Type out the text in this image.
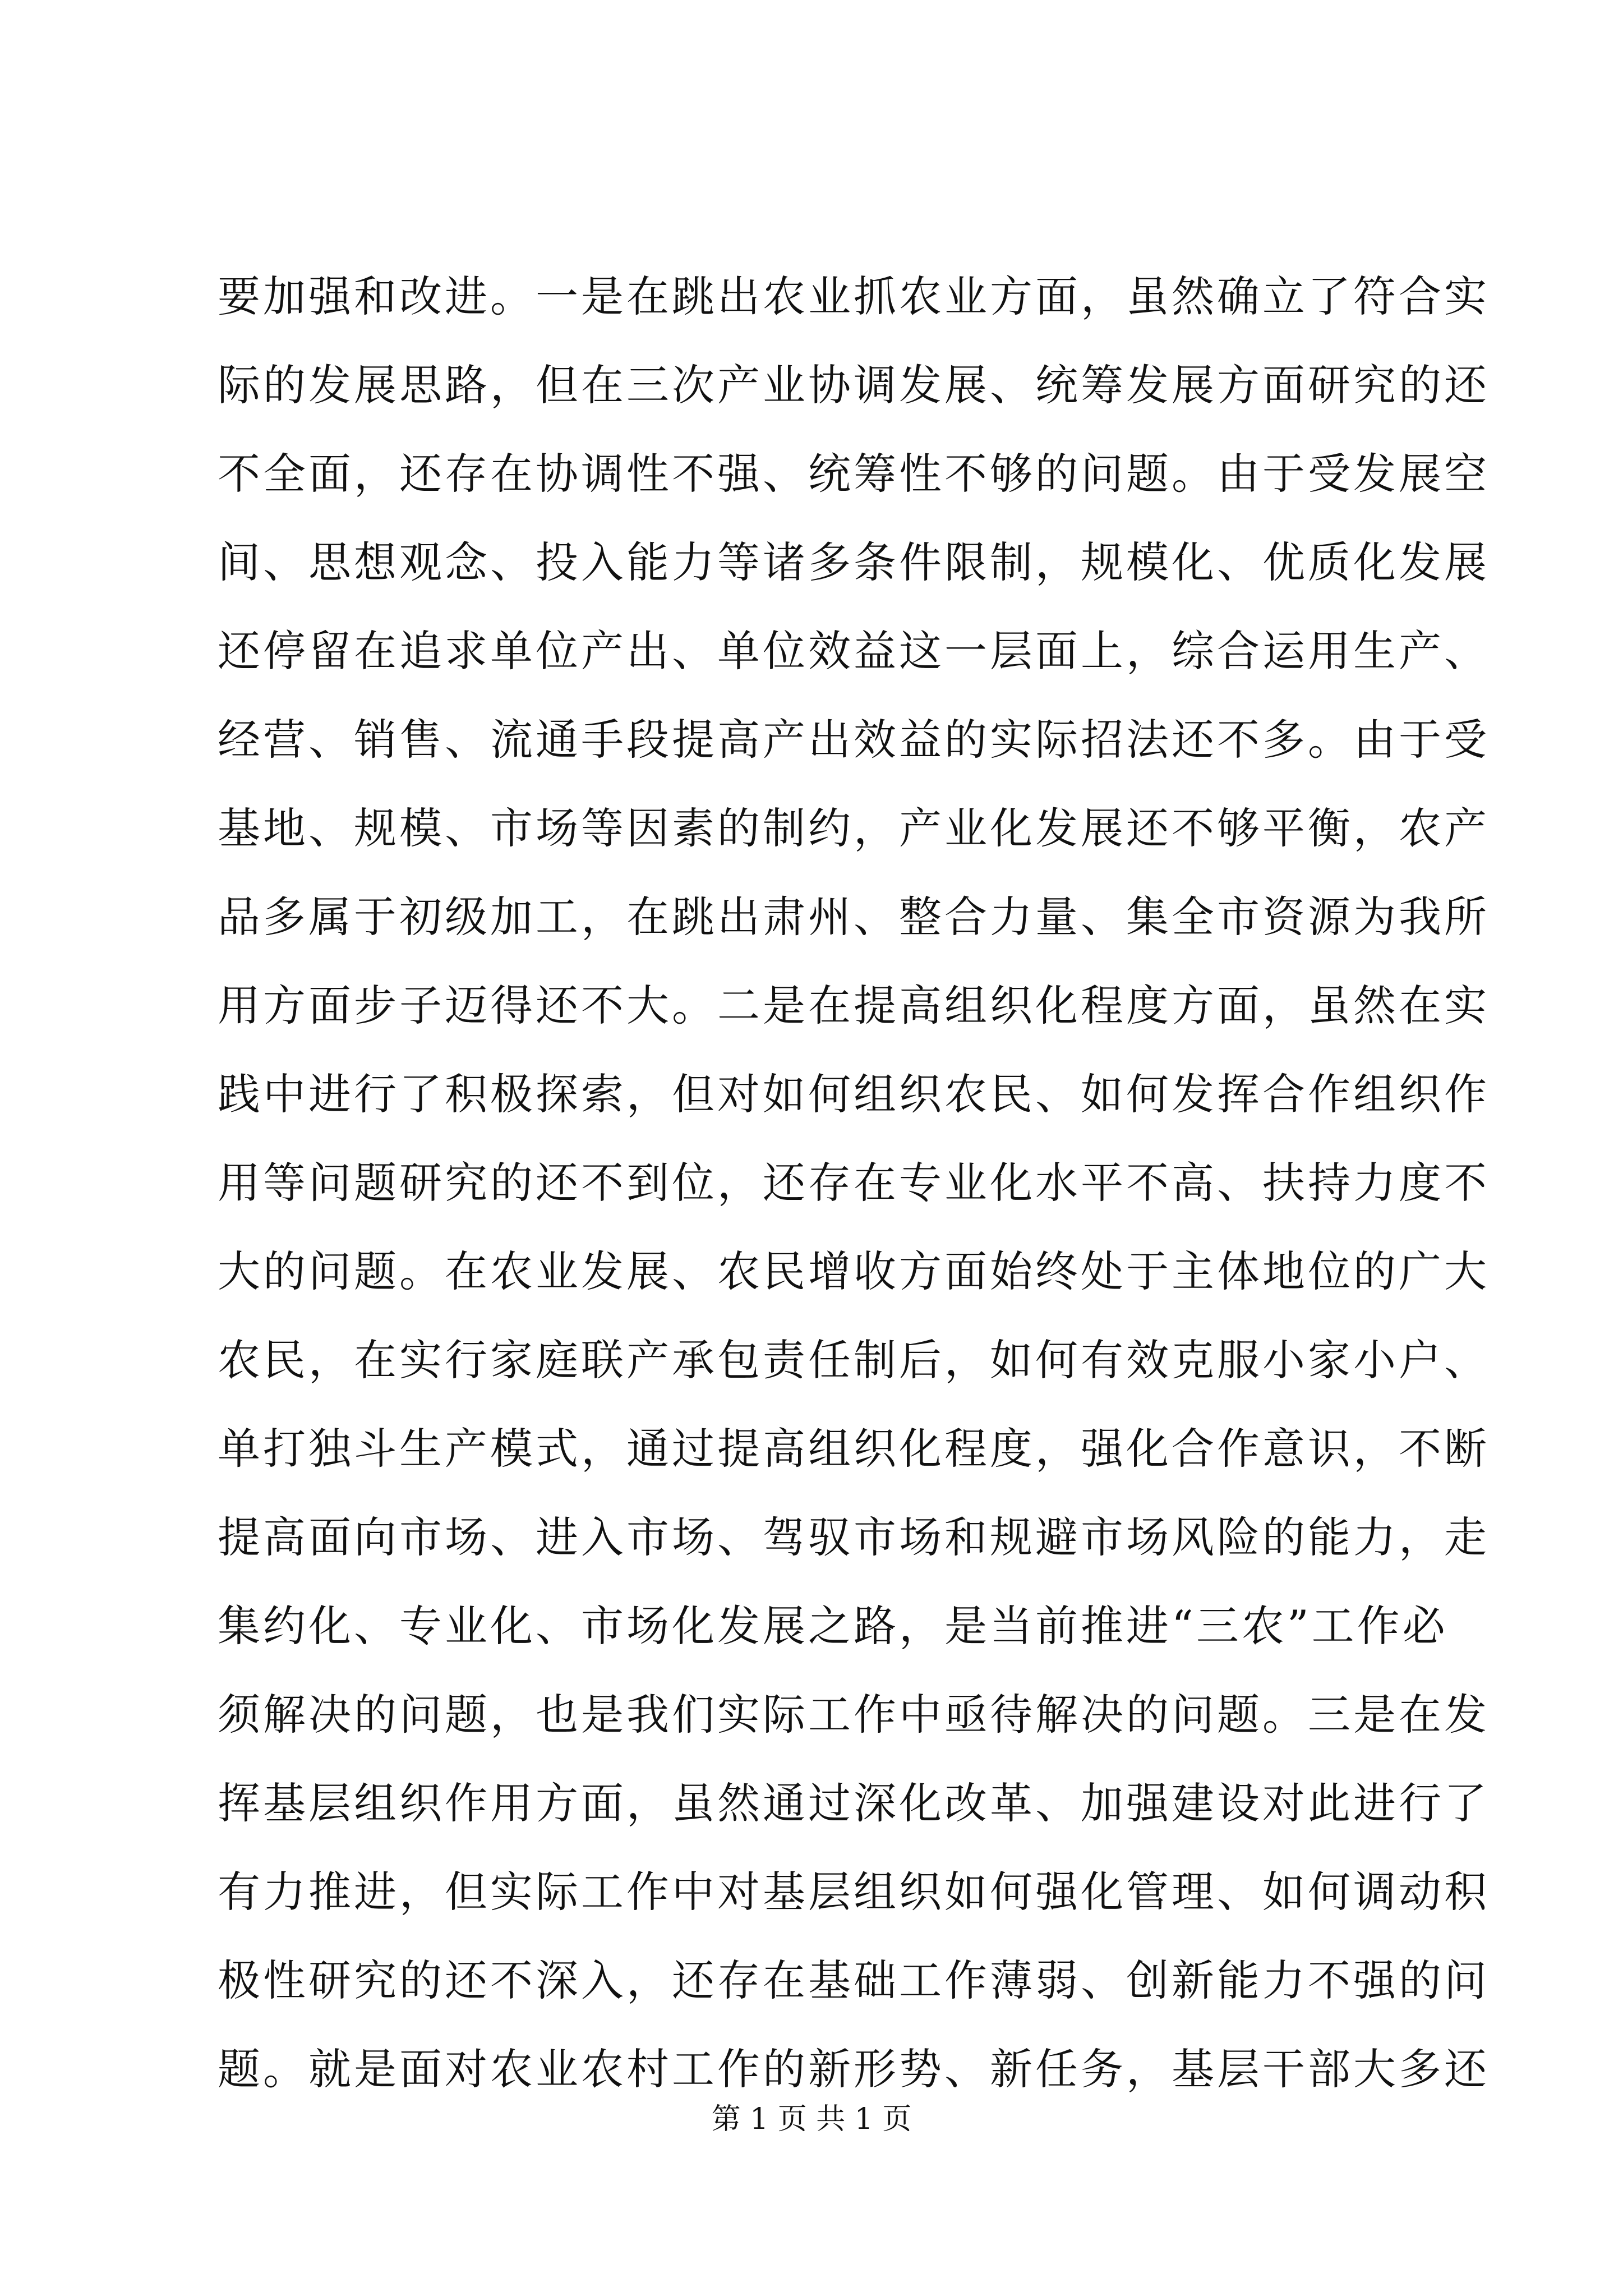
要加强和改进。一是在跳出农业抓农业方面，虽然确立了符合实
际的发展思路，但在三次产业协调发展、统筹发展方面研究的还
不全面，还存在协调性不强、统筹性不够的问题。由于受发展空
间、思想观念、投入能力等诸多条件限制，规模化、优质化发展
还停留在追求单位产出、单位效益这一层面上，综合运用生产、
经营、销售、流通手段提高产出效益的实际招法还不多。由于受
基地、规模、市场等因素的制约，产业化发展还不够平衡，农产
品多属于初级加工，在跳出肃州、整合力量、集全市资源为我所
用方面步子迈得还不大。二是在提高组织化程度方面，虽然在实
践中进行了积极探索，但对如何组织农民、如何发挥合作组织作
用等问题研究的还不到位，还存在专业化水平不高、扶持力度不
大的问题。在农业发展、农民增收方面始终处于主体地位的广大
农民，在实行家庭联产承包责任制后，如何有效克服小家小户、
单打独斗生产模式，通过提高组织化程度，强化合作意识，不断
提高面向市场、进入市场、驾驭市场和规避市场风险的能力，走
集约化、专业化、市场化发展之路，是当前推进“三农”工作必
须解决的问题，也是我们实际工作中亟待解决的问题。三是在发
挥基层组织作用方面，虽然通过深化改革、加强建设对此进行了
有力推进，但实际工作中对基层组织如何强化管理、如何调动积
极性研究的还不深入，还存在基础工作薄弱、创新能力不强的问
题。就是面对农业农村工作的新形势、新任务，基层干部大多还
第 1 页 共 1 页
